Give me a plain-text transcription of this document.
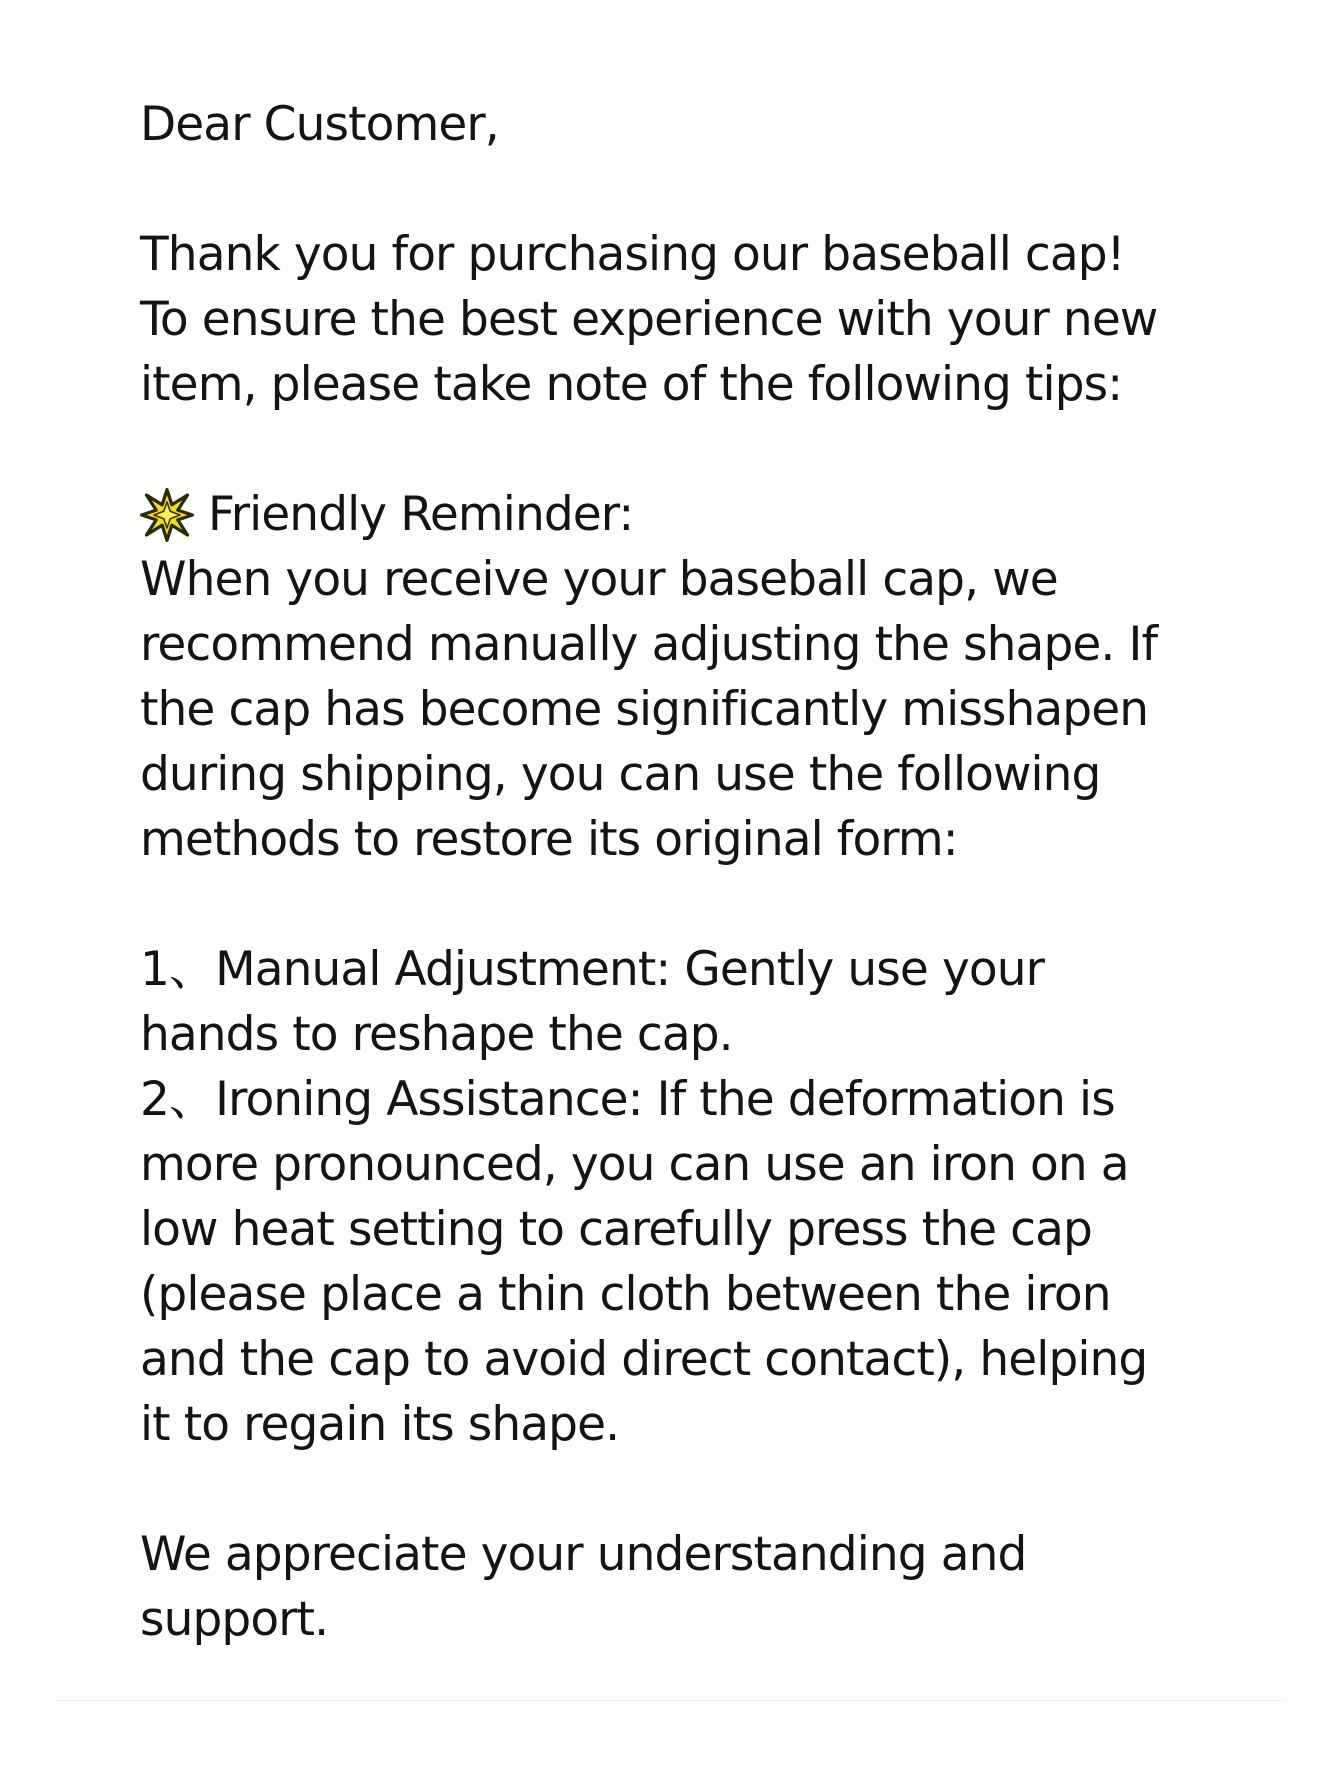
Dear Customer,
Thank you for purchasing our baseball cap!
To ensure the best experience with your new
item, please take note of the following tips:
Friendly Reminder:
When you receive your baseball cap, we
recommend manually adjusting the shape. If
the cap has become significantly misshapen
during shipping, you can use the following
methods to restore its original form:
1、Manual Adjustment: Gently use your
hands to reshape the cap.
2、Ironing Assistance: If the deformation is
more pronounced, you can use an iron on a
low heat setting to carefully press the cap
(please place a thin cloth between the iron
and the cap to avoid direct contact), helping
it to regain its shape.
We appreciate your understanding and
support.
